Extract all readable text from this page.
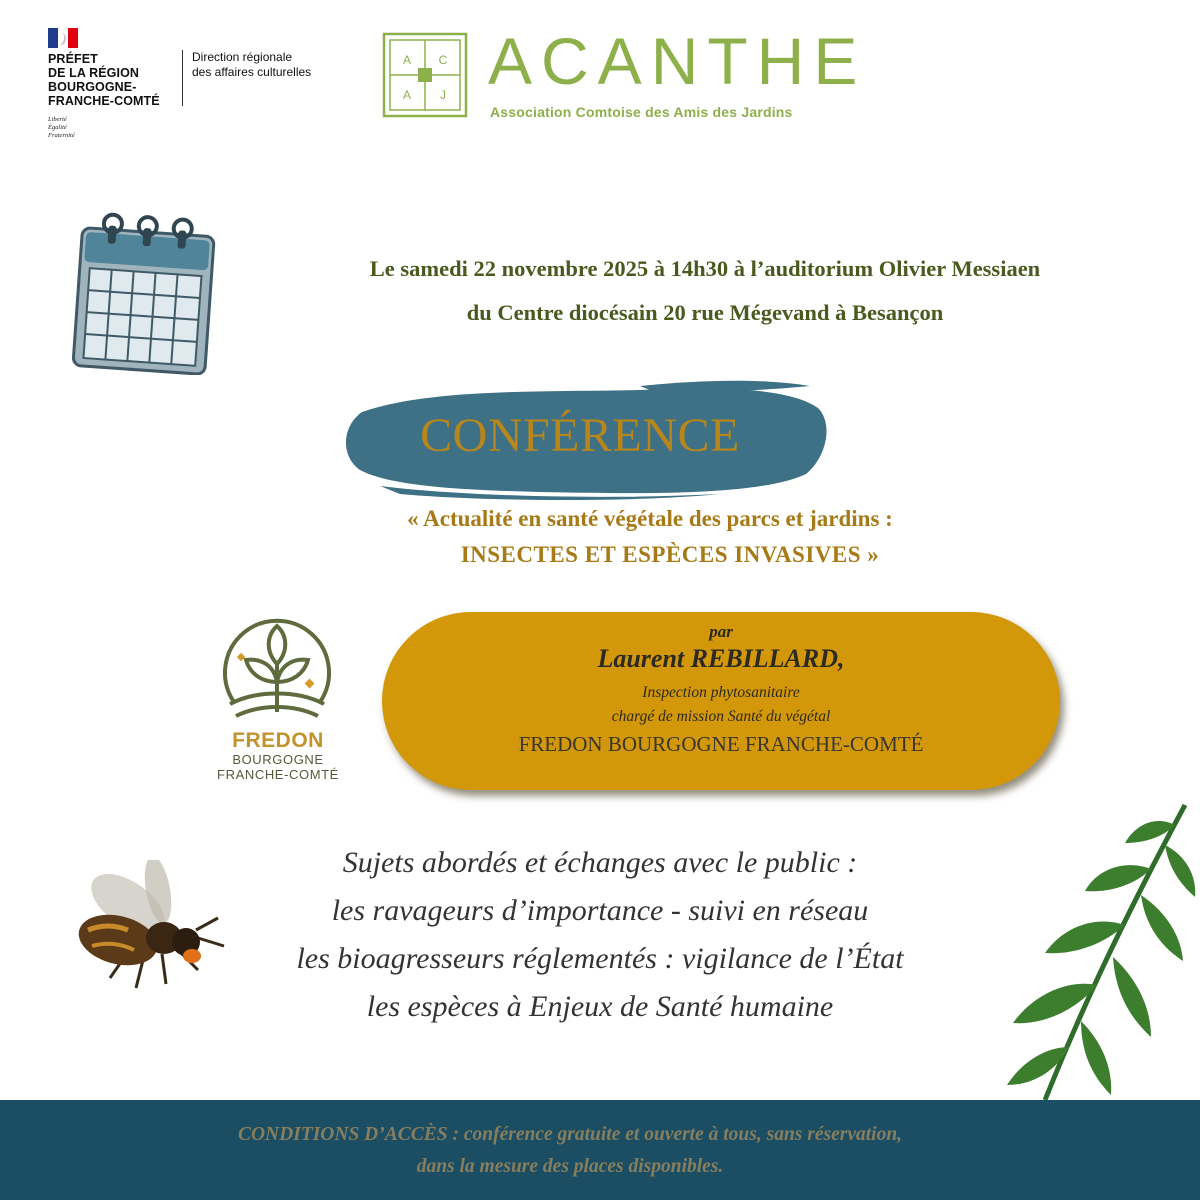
PRÉFET
DE LA RÉGION
BOURGOGNE-
FRANCHE-COMTÉ
Liberté
Égalité
Fraternité
Direction régionale
des affaires culturelles
A C
A J ACANTHE
Association Comtoise des Amis des Jardins
Le samedi 22 novembre 2025 à 14h30 à l’auditorium Olivier Messiaen
du Centre diocésain 20 rue Mégevand à Besançon
CONFÉRENCE
« Actualité en santé végétale des parcs et jardins :
INSECTES ET ESPÈCES INVASIVES »
FREDON
BOURGOGNE
FRANCHE-COMTÉ
par
Laurent REBILLARD,
Inspection phytosanitaire
chargé de mission Santé du végétal
FREDON BOURGOGNE FRANCHE-COMTÉ
Sujets abordés et échanges avec le public :
les ravageurs d’importance - suivi en réseau
les bioagresseurs réglementés : vigilance de l’État
les espèces à Enjeux de Santé humaine
CONDITIONS D’ACCÈS : conférence gratuite et ouverte à tous, sans réservation,
dans la mesure des places disponibles.
